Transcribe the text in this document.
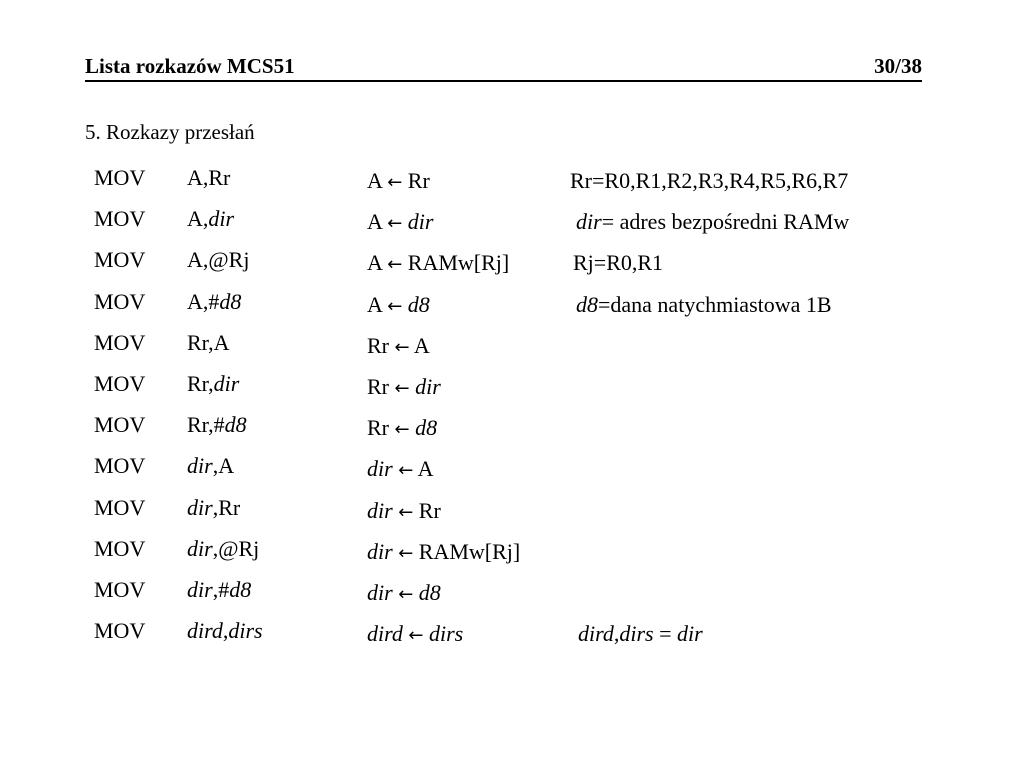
Lista rozkazów MCS51	30/38
5. Rozkazy przesłań
MOV A,Rr	A ← Rr	Rr=R0,R1,R2,R3,R4,R5,R6,R7
MOV A,dir	A ← dir	dir= adres bezpośredni RAMw
MOV A,@Rj	A ← RAMw[Rj]	Rj=R0,R1
MOV A,#d8	A ← d8	d8=dana natychmiastowa 1B
MOV Rr,A	Rr ← A
MOV Rr,dir	Rr ← dir
MOV Rr,#d8	Rr ← d8
MOV dir,A	dir ← A
MOV dir,Rr	dir ← Rr
MOV dir,@Rj	dir ← RAMw[Rj]
MOV dir,#d8	dir ← d8
MOV dird,dirs	dird ← dirs	dird,dirs = dir
